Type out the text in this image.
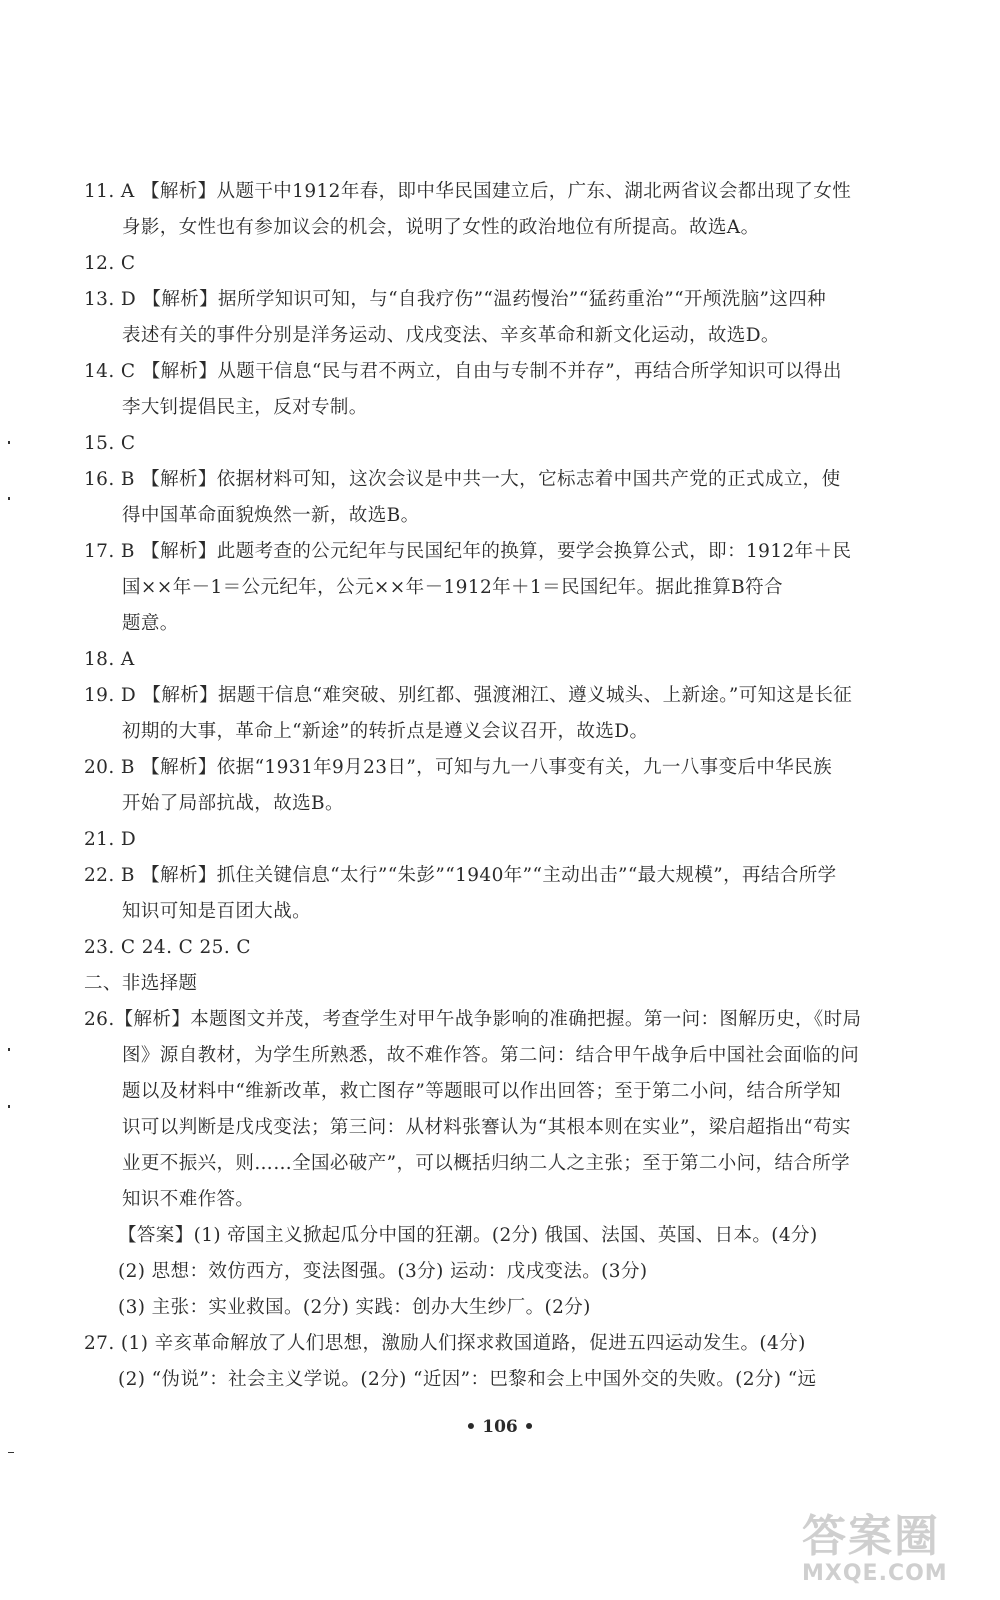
11. A 【解析】从题干中1912年春，即中华民国建立后，广东、湖北两省议会都出现了女性
身影，女性也有参加议会的机会，说明了女性的政治地位有所提高。故选A。
12. C
13. D 【解析】据所学知识可知，与“自我疗伤”“温药慢治”“猛药重治”“开颅洗脑”这四种
表述有关的事件分别是洋务运动、戊戌变法、辛亥革命和新文化运动，故选D。
14. C 【解析】从题干信息“民与君不两立，自由与专制不并存”，再结合所学知识可以得出
李大钊提倡民主，反对专制。
15. C
16. B 【解析】依据材料可知，这次会议是中共一大，它标志着中国共产党的正式成立，使
得中国革命面貌焕然一新，故选B。
17. B 【解析】此题考查的公元纪年与民国纪年的换算，要学会换算公式，即：1912年＋民
国××年－1＝公元纪年，公元××年－1912年＋1＝民国纪年。据此推算B符合
题意。
18. A
19. D 【解析】据题干信息“难突破、别红都、强渡湘江、遵义城头、上新途。”可知这是长征
初期的大事，革命上“新途”的转折点是遵义会议召开，故选D。
20. B 【解析】依据“1931年9月23日”，可知与九一八事变有关，九一八事变后中华民族
开始了局部抗战，故选B。
21. D
22. B 【解析】抓住关键信息“太行”“朱彭”“1940年”“主动出击”“最大规模”，再结合所学
知识可知是百团大战。
23. C 24. C 25. C
二、非选择题
26.【解析】本题图文并茂，考查学生对甲午战争影响的准确把握。第一问：图解历史，《时局
图》源自教材，为学生所熟悉，故不难作答。第二问：结合甲午战争后中国社会面临的问
题以及材料中“维新改革，救亡图存”等题眼可以作出回答；至于第二小问，结合所学知
识可以判断是戊戌变法；第三问：从材料张謇认为“其根本则在实业”，梁启超指出“苟实
业更不振兴，则……全国必破产”，可以概括归纳二人之主张；至于第二小问，结合所学
知识不难作答。
【答案】(1) 帝国主义掀起瓜分中国的狂潮。(2分) 俄国、法国、英国、日本。(4分)
(2) 思想：效仿西方，变法图强。(3分) 运动：戊戌变法。(3分)
(3) 主张：实业救国。(2分) 实践：创办大生纱厂。(2分)
27. (1) 辛亥革命解放了人们思想，激励人们探求救国道路，促进五四运动发生。(4分)
(2) “伪说”：社会主义学说。(2分) “近因”：巴黎和会上中国外交的失败。(2分) “远
• 106 •
答案圈
MXQE.COM
